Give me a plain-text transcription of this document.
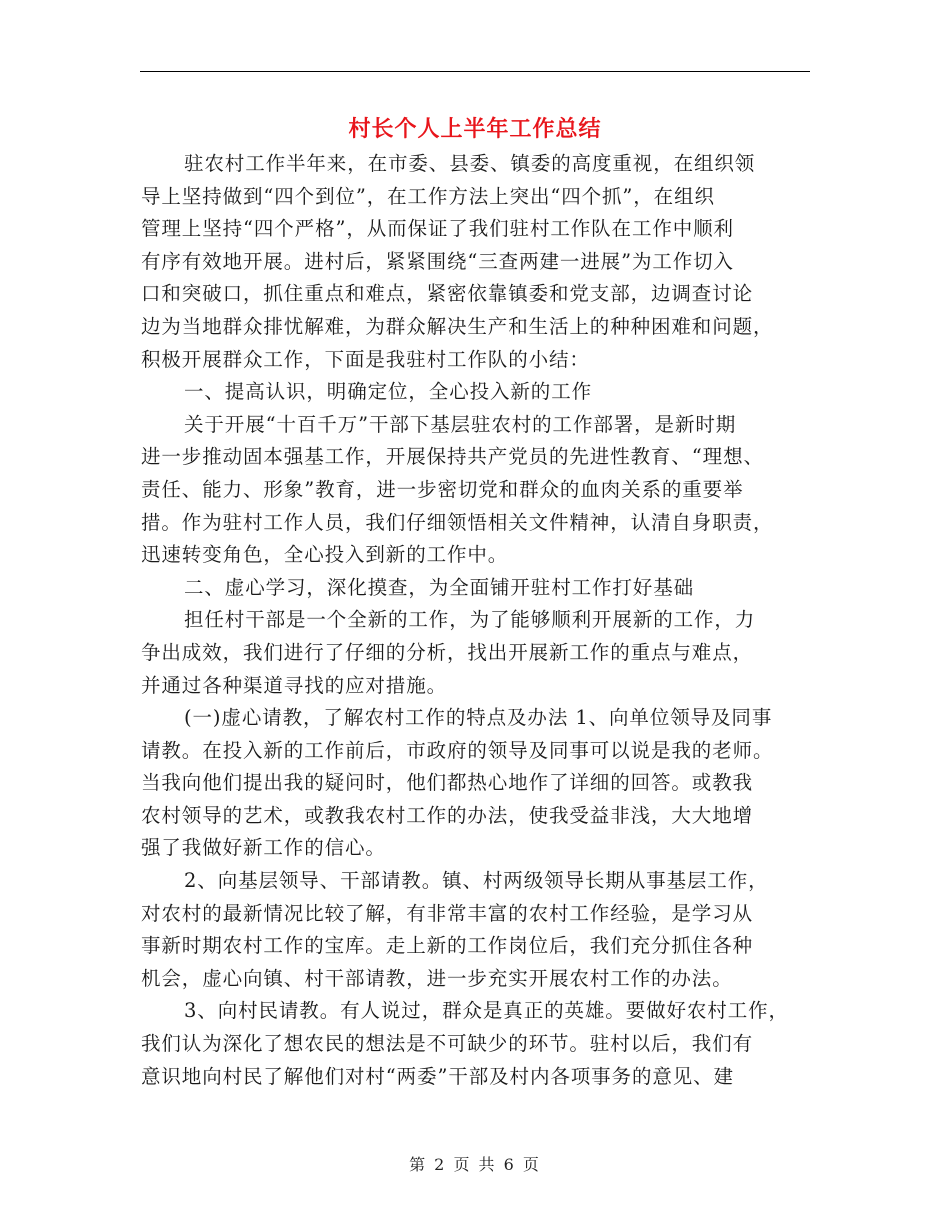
村长个人上半年工作总结
驻农村工作半年来，在市委、县委、镇委的高度重视，在组织领
导上坚持做到“四个到位”，在工作方法上突出“四个抓”，在组织
管理上坚持“四个严格”，从而保证了我们驻村工作队在工作中顺利
有序有效地开展。进村后，紧紧围绕“三查两建一进展”为工作切入
口和突破口，抓住重点和难点，紧密依靠镇委和党支部，边调查讨论
边为当地群众排忧解难，为群众解决生产和生活上的种种困难和问题，
积极开展群众工作，下面是我驻村工作队的小结：
一、提高认识，明确定位，全心投入新的工作
关于开展“十百千万”干部下基层驻农村的工作部署，是新时期
进一步推动固本强基工作，开展保持共产党员的先进性教育、“理想、
责任、能力、形象”教育，进一步密切党和群众的血肉关系的重要举
措。作为驻村工作人员，我们仔细领悟相关文件精神，认清自身职责，
迅速转变角色，全心投入到新的工作中。
二、虚心学习，深化摸查，为全面铺开驻村工作打好基础
担任村干部是一个全新的工作，为了能够顺利开展新的工作，力
争出成效，我们进行了仔细的分析，找出开展新工作的重点与难点，
并通过各种渠道寻找的应对措施。
(一)虚心请教，了解农村工作的特点及办法 1、向单位领导及同事
请教。在投入新的工作前后，市政府的领导及同事可以说是我的老师。
当我向他们提出我的疑问时，他们都热心地作了详细的回答。或教我
农村领导的艺术，或教我农村工作的办法，使我受益非浅，大大地增
强了我做好新工作的信心。
2、向基层领导、干部请教。镇、村两级领导长期从事基层工作，
对农村的最新情况比较了解，有非常丰富的农村工作经验，是学习从
事新时期农村工作的宝库。走上新的工作岗位后，我们充分抓住各种
机会，虚心向镇、村干部请教，进一步充实开展农村工作的办法。
3、向村民请教。有人说过，群众是真正的英雄。要做好农村工作，
我们认为深化了想农民的想法是不可缺少的环节。驻村以后，我们有
意识地向村民了解他们对村“两委”干部及村内各项事务的意见、建
第 2 页 共 6 页
